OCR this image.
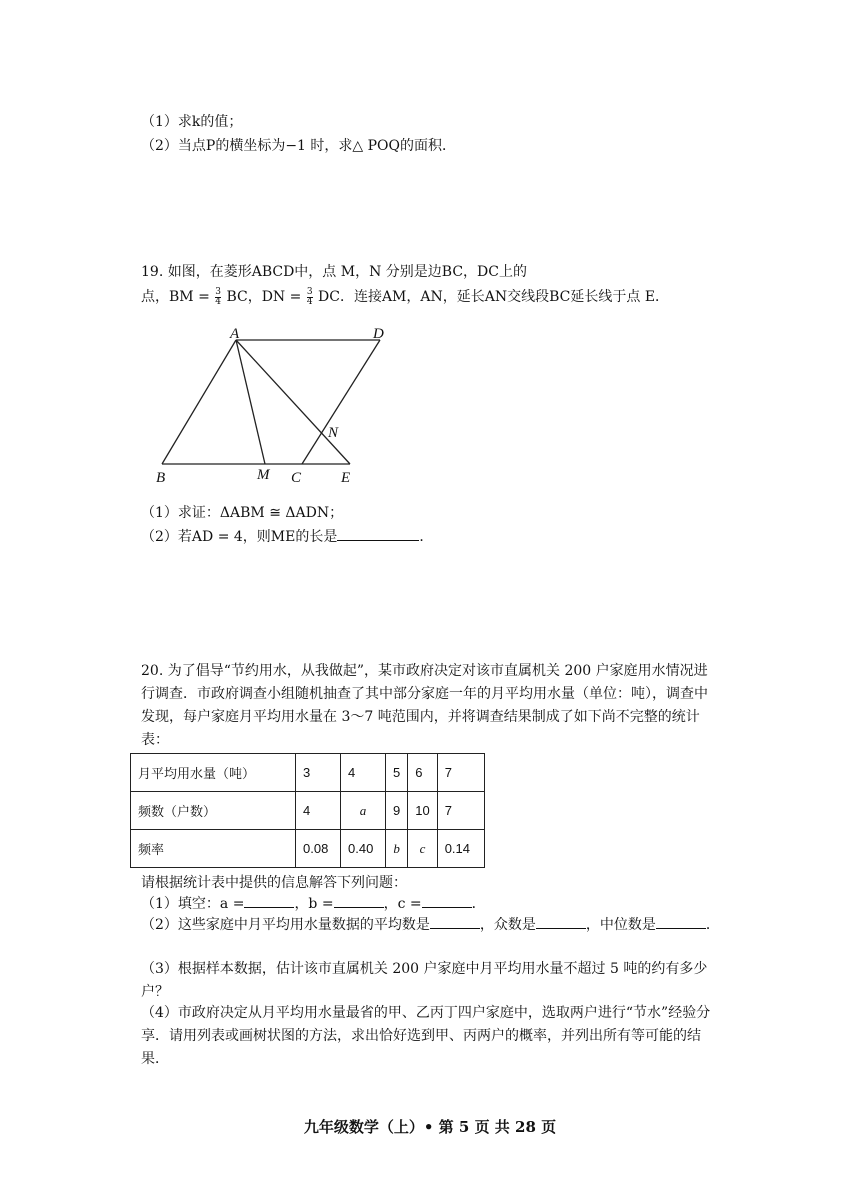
（1）求k的值；
（2）当点P的横坐标为−1 时，求△ POQ的面积．
19. 如图，在菱形ABCD中，点 M，N 分别是边BC，DC上的
点，BM = $\frac{3}{4}$ BC，DN = $\frac{3}{4}$ DC．连接AM，AN，延长AN交线段BC延长线于点 E．
A	D
N
B	M C	E
（1）求证：ΔABM ≅ ΔADN；
（2）若AD = 4，则ME的长是	．
20. 为了倡导“节约用水，从我做起”，某市政府决定对该市直属机关 200 户家庭用水情况进行调查．市政府调查小组随机抽查了其中部分家庭一年的月平均用水量（单位：吨），调查中发现，每户家庭月平均用水量在 3～7 吨范围内，并将调查结果制成了如下尚不完整的统计表：
月平均用水量（吨）	3	4	5	6	7
频数（户数）	4	a	9	10	7
频率	0.08	0.40	b	c	0.14
请根据统计表中提供的信息解答下列问题：
（1）填空：a =	，b =	，c =	．
（2）这些家庭中月平均用水量数据的平均数是	，众数是	，中位数是	．
（3）根据样本数据，估计该市直属机关 200 户家庭中月平均用水量不超过 5 吨的约有多少户？
（4）市政府决定从月平均用水量最省的甲、乙丙丁四户家庭中，选取两户进行“节水”经验分享．请用列表或画树状图的方法，求出恰好选到甲、丙两户的概率，并列出所有等可能的结果．
九年级数学（上）• 第 5 页 共 28 页
